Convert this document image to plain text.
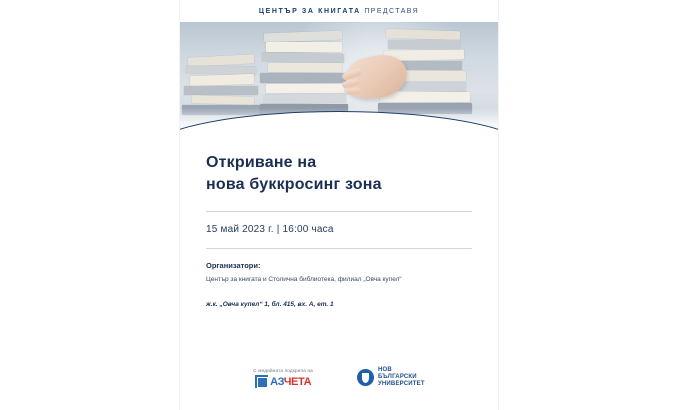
ЦЕНТЪР ЗА КНИГАТА ПРЕДСТАВЯ
Откриване на
нова буккросинг зона
15 май 2023 г. | 16:00 часа
Организатори:
Център за книгата и Столична библиотека, филиал „Овча купел“
ж.к. „Овча купел“ 1, бл. 415, вх. А, ет. 1
С медийната подкрепа на
АЗЧЕТА
НОВ
БЪЛГАРСКИ
УНИВЕРСИТЕТ
